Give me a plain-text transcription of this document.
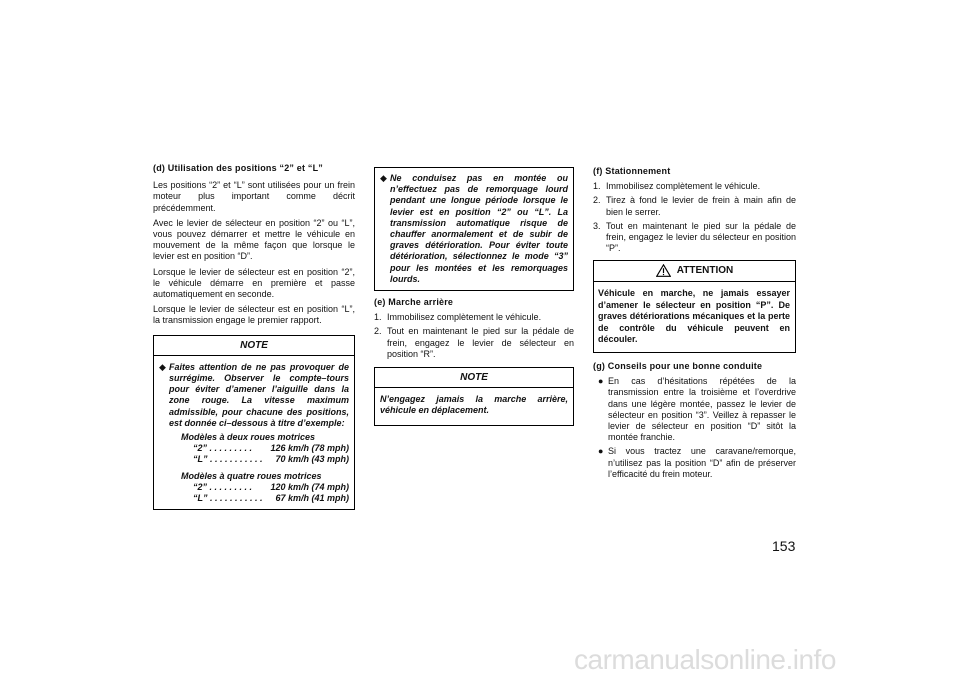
(d) Utilisation des positions “2” et “L”

Les positions “2” et “L” sont utilisées pour un frein moteur plus important comme décrit précédemment.

Avec le levier de sélecteur en position “2” ou “L”, vous pouvez démarrer et mettre le véhicule en mouvement de la même façon que lorsque le levier est en position “D”.

Lorsque le levier de sélecteur est en position “2”, le véhicule démarre en première et passe automatiquement en seconde.

Lorsque le levier de sélecteur est en position “L”, la transmission engage le premier rapport.

NOTE
◆ Faites attention de ne pas provoquer de surrégime. Observer le compte–tours pour éviter d’amener l’aiguille dans la zone rouge. La vitesse maximum admissible, pour chacune des positions, est donnée ci–dessous à titre d’exemple:
Modèles à deux roues motrices
“2” . . . . . . . . . 126 km/h (78 mph)
“L” . . . . . . . . . . . 70 km/h (43 mph)
Modèles à quatre roues motrices
“2” . . . . . . . . . 120 km/h (74 mph)
“L” . . . . . . . . . . . 67 km/h (41 mph)
◆ Ne conduisez pas en montée ou n’effectuez pas de remorquage lourd pendant une longue période lorsque le levier est en position “2” ou “L”. La transmission automatique risque de chauffer anormalement et de subir de graves détérioration. Pour éviter toute détérioration, sélectionnez le mode “3” pour les montées et les remorquages lourds.
(e) Marche arrière
1. Immobilisez complètement le véhicule.
2. Tout en maintenant le pied sur la pédale de frein, engagez le levier de sélecteur en position “R”.
NOTE
N’engagez jamais la marche arrière, véhicule en déplacement.
(f) Stationnement
1. Immobilisez complètement le véhicule.
2. Tirez à fond le levier de frein à main afin de bien le serrer.
3. Tout en maintenant le pied sur la pédale de frein, engagez le levier du sélecteur en position “P”.
ATTENTION
Véhicule en marche, ne jamais essayer d’amener le sélecteur en position “P”. De graves détériorations mécaniques et la perte de contrôle du véhicule peuvent en découler.
(g) Conseils pour une bonne conduite
● En cas d’hésitations répétées de la transmission entre la troisième et l’overdrive dans une légère montée, passez le levier de sélecteur en position “3”. Veillez à repasser le levier de sélecteur en position “D” sitôt la montée franchie.
● Si vous tractez une caravane/remorque, n’utilisez pas la position “D” afin de préserver l’efficacité du frein moteur.
153
carmanualsonline.info
